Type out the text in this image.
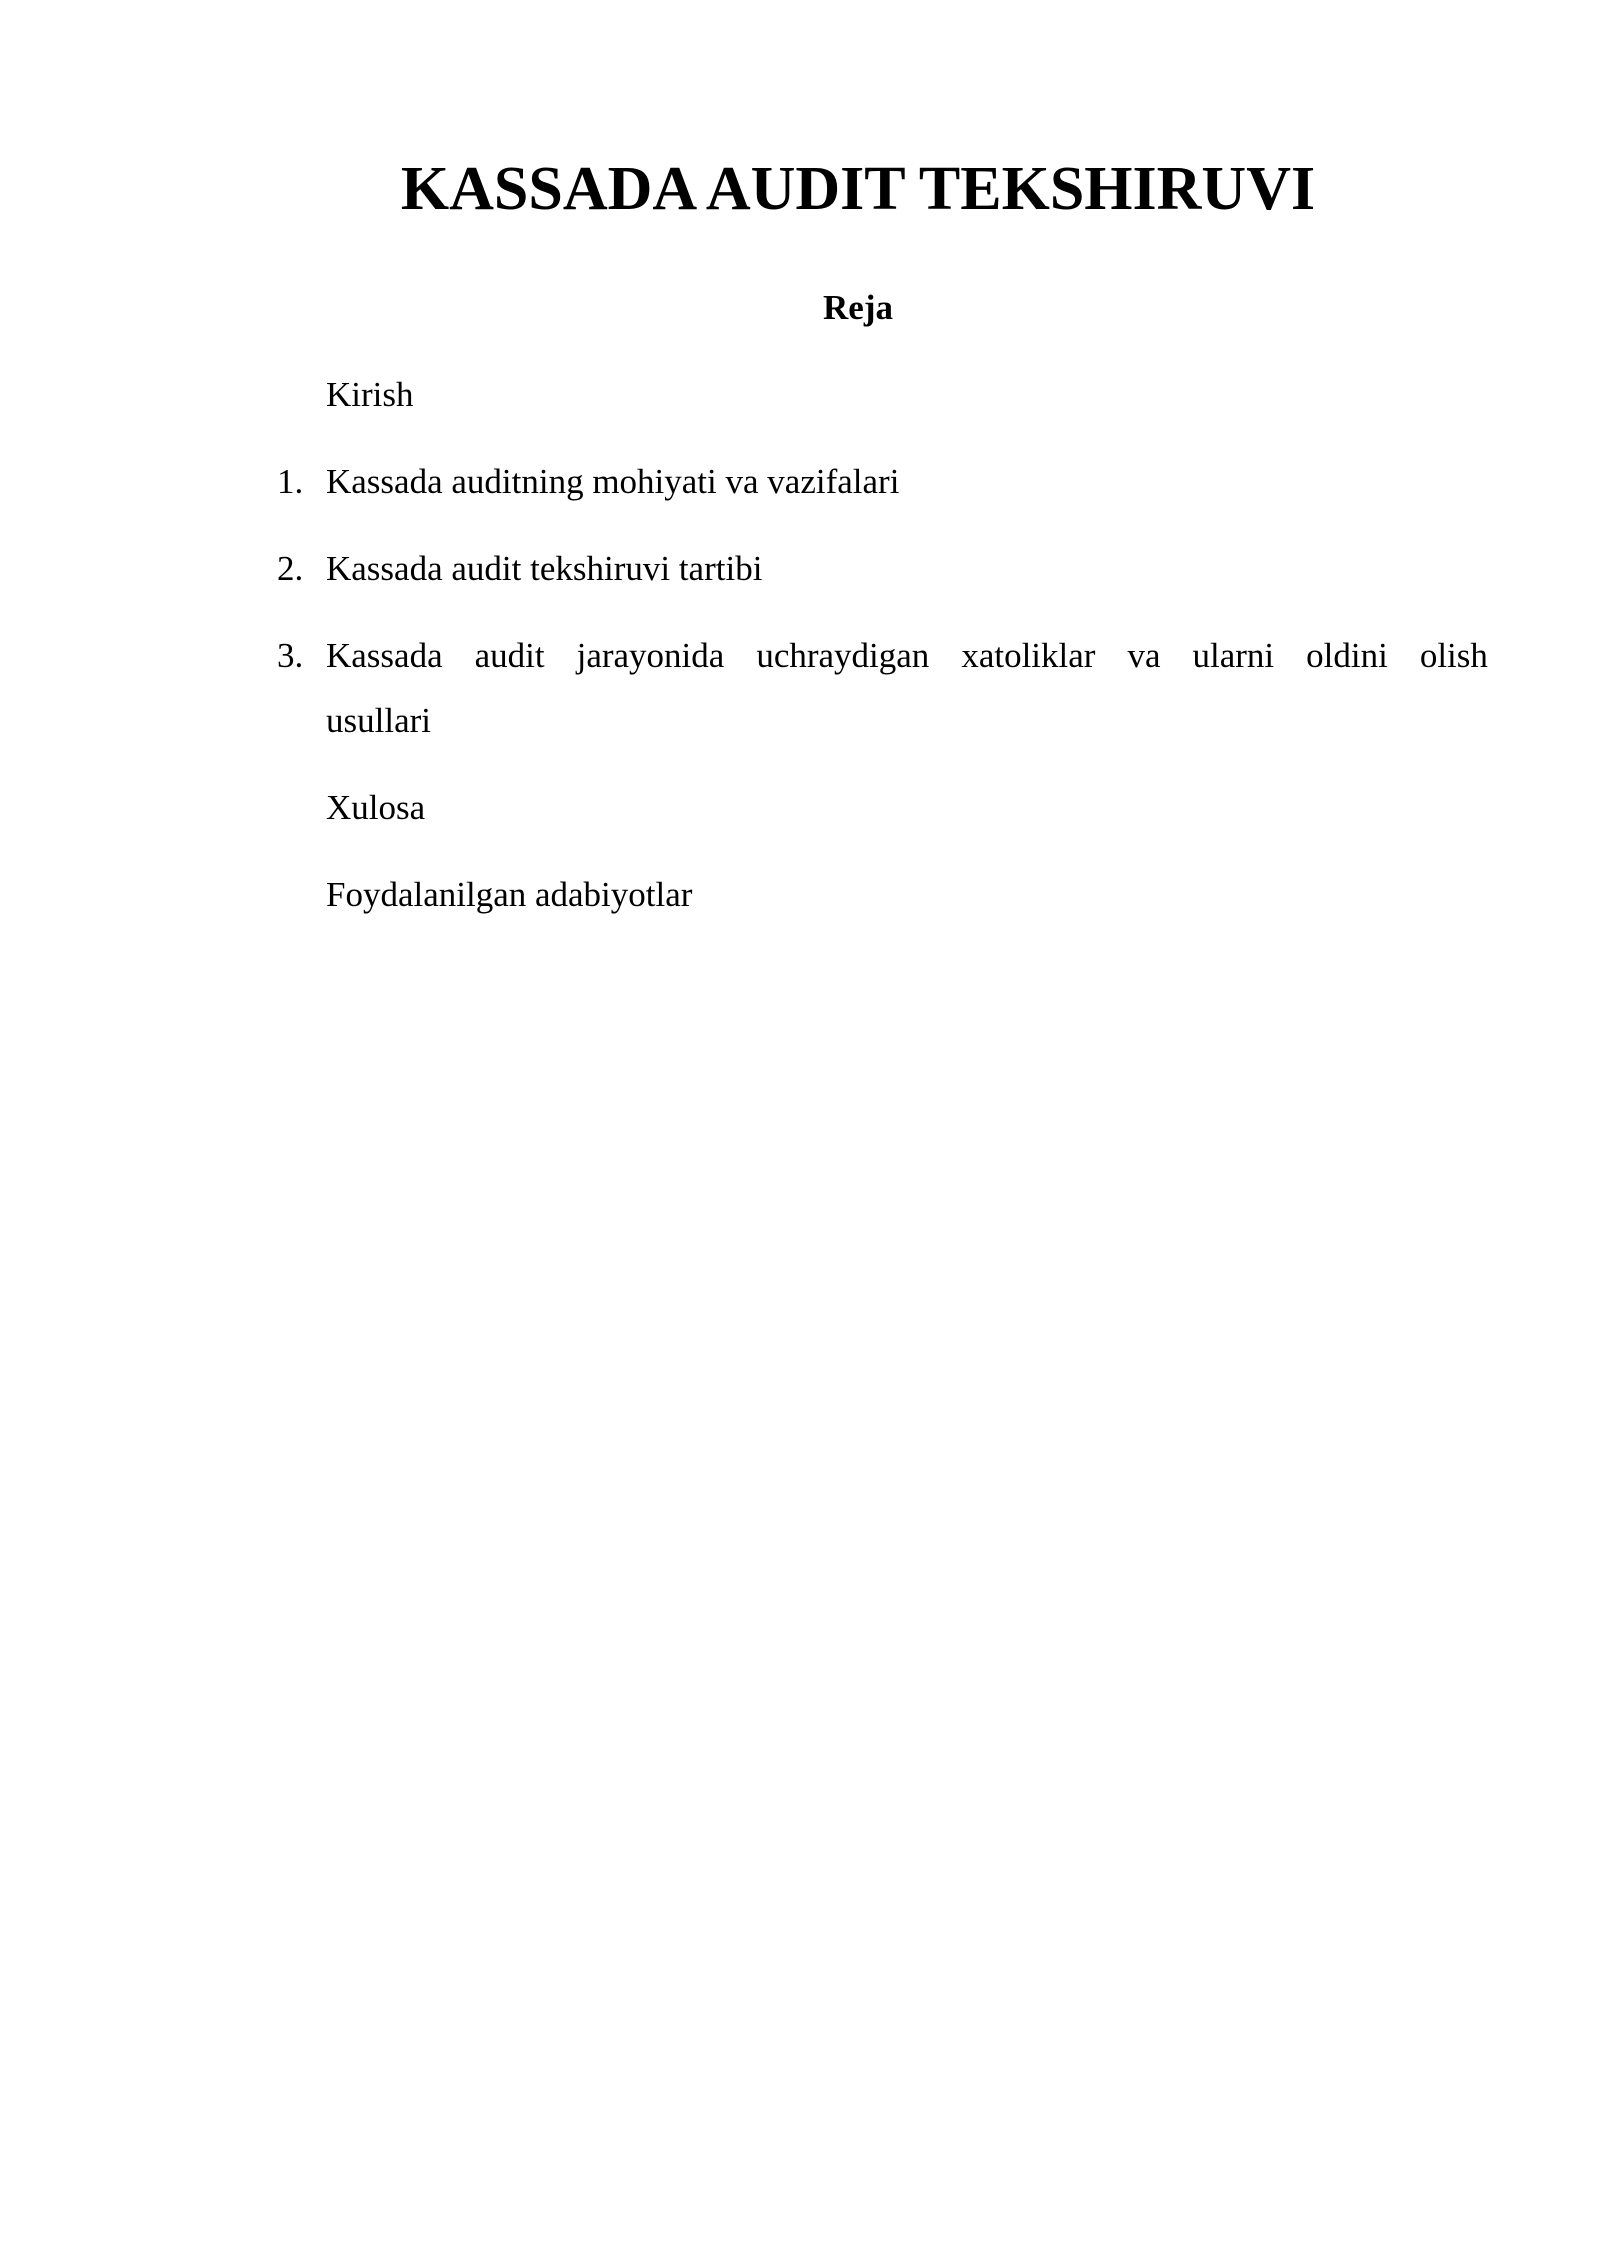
KASSADA AUDIT TEKSHIRUVI
Reja
Kirish
1. Kassada auditning mohiyati va vazifalari
2. Kassada audit tekshiruvi tartibi
3. Kassada audit jarayonida uchraydigan xatoliklar va ularni oldini olish
usullari
Xulosa
Foydalanilgan adabiyotlar
